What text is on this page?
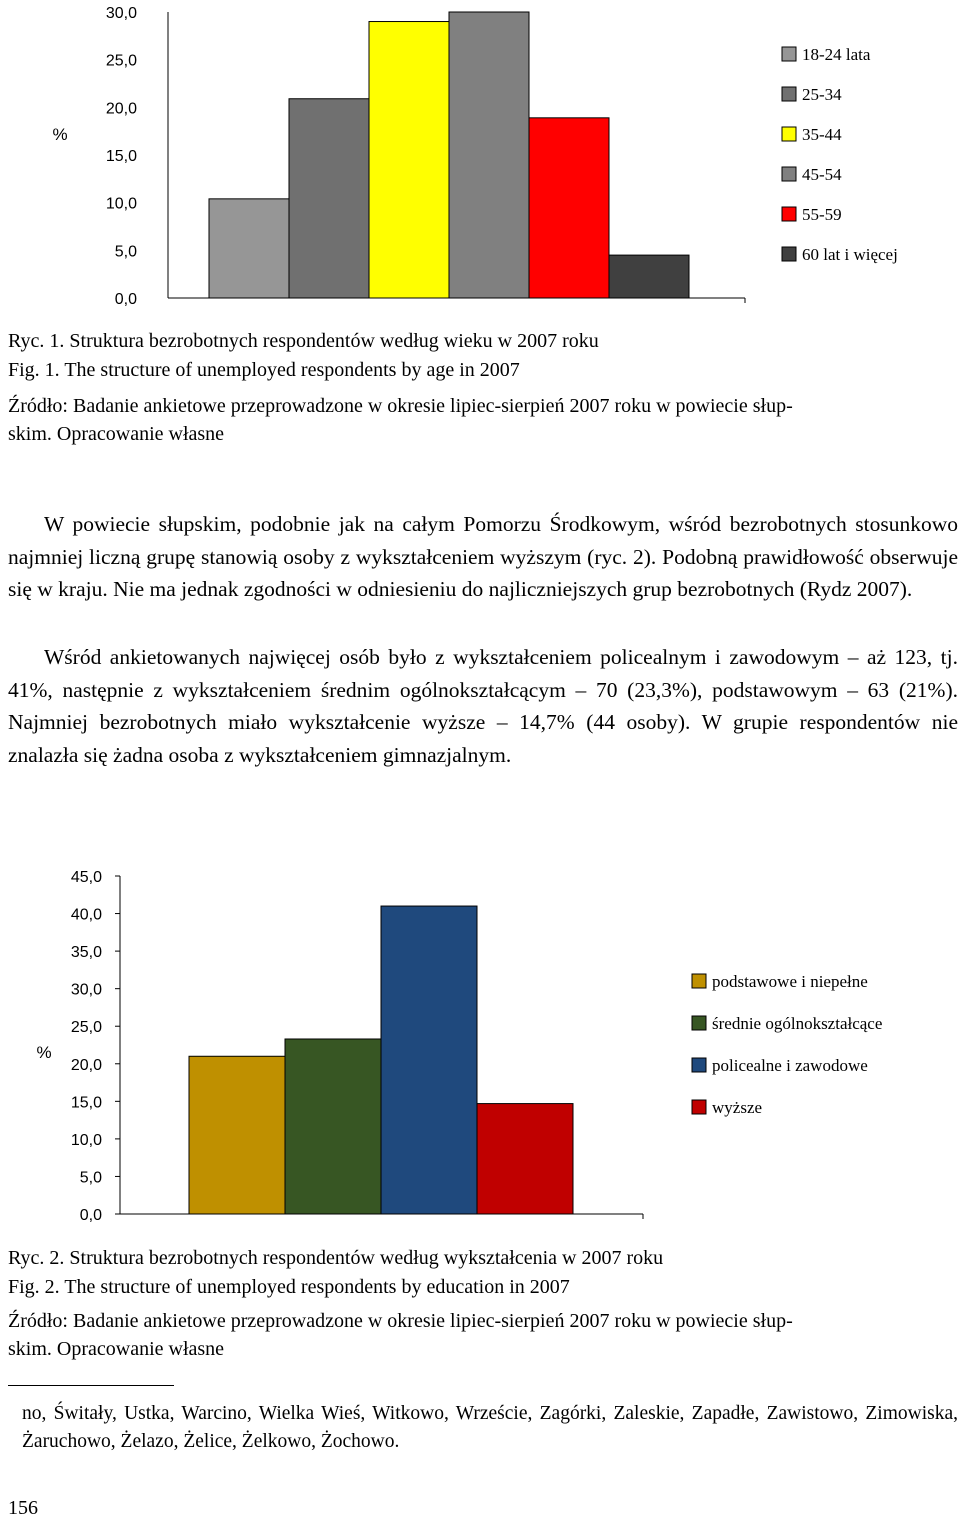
0,0
5,0
10,0
15,0
20,0
25,0
30,0
%
18-24 lata
25-34
35-44
45-54
55-59
60 lat i więcej
Ryc. 1. Struktura bezrobotnych respondentów według wieku w 2007 roku
Fig. 1. The structure of unemployed respondents by age in 2007
Źródło: Badanie ankietowe przeprowadzone w okresie lipiec-sierpień 2007 roku w powiecie słup-
skim. Opracowanie własne
W powiecie słupskim, podobnie jak na całym Pomorzu Środkowym, wśród bezrobotnych stosunkowo najmniej liczną grupę stanowią osoby z wykształceniem wyższym (ryc. 2). Podobną prawidłowość obserwuje się w kraju. Nie ma jednak zgodności w odniesieniu do najliczniejszych grup bezrobotnych (Rydz 2007).
Wśród ankietowanych najwięcej osób było z wykształceniem policealnym i zawodowym – aż 123, tj. 41%, następnie z wykształceniem średnim ogólnokształcącym – 70 (23,3%), podstawowym – 63 (21%). Najmniej bezrobotnych miało wykształcenie wyższe – 14,7% (44 osoby). W grupie respondentów nie znalazła się żadna osoba z wykształceniem gimnazjalnym.
0,0
5,0
10,0
15,0
20,0
25,0
30,0
35,0
40,0
45,0
%
podstawowe i niepełne
średnie ogólnokształcące
policealne i zawodowe
wyższe
Ryc. 2. Struktura bezrobotnych respondentów według wykształcenia w 2007 roku
Fig. 2. The structure of unemployed respondents by education in 2007
Źródło: Badanie ankietowe przeprowadzone w okresie lipiec-sierpień 2007 roku w powiecie słup-
skim. Opracowanie własne
no, Świtały, Ustka, Warcino, Wielka Wieś, Witkowo, Wrzeście, Zagórki, Zaleskie, Zapadłe, Zawistowo, Zimowiska, Żaruchowo, Żelazo, Żelice, Żelkowo, Żochowo.
156
